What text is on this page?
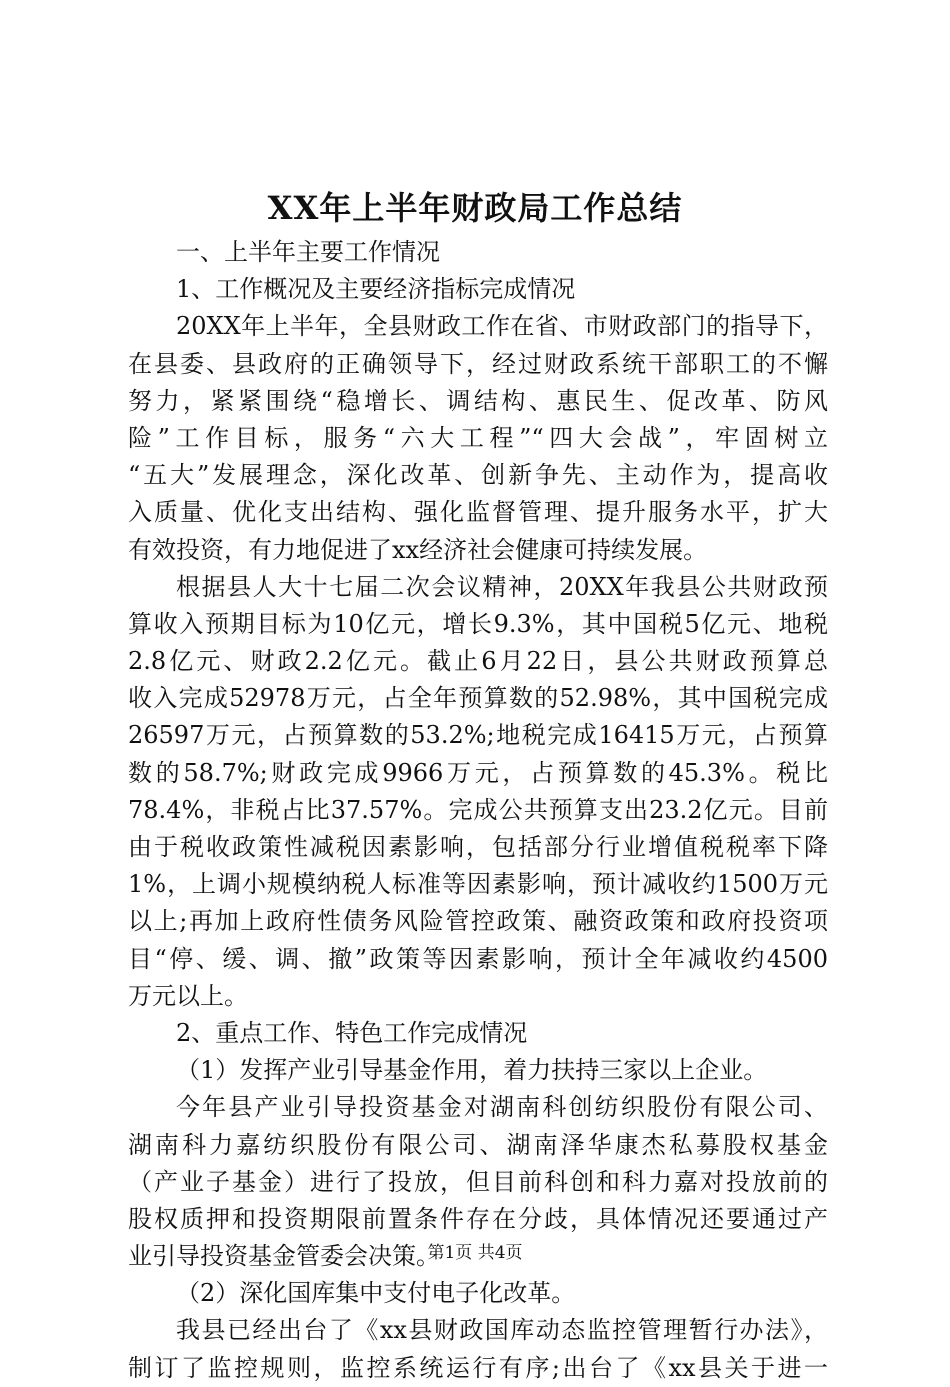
XX年上半年财政局工作总结
一、上半年主要工作情况
1、工作概况及主要经济指标完成情况
20XX年上半年，全县财政工作在省、市财政部门的指导下，
在县委、县政府的正确领导下，经过财政系统干部职工的不懈
努力，紧紧围绕“稳增长、调结构、惠民生、促改革、防风
险”工作目标，服务“六大工程”“四大会战”，牢固树立
“五大”发展理念，深化改革、创新争先、主动作为，提高收
入质量、优化支出结构、强化监督管理、提升服务水平，扩大
有效投资，有力地促进了xx经济社会健康可持续发展。
根据县人大十七届二次会议精神，20XX年我县公共财政预
算收入预期目标为10亿元，增长9.3%，其中国税5亿元、地税
2.8亿元、财政2.2亿元。截止6月22日，县公共财政预算总
收入完成52978万元，占全年预算数的52.98%，其中国税完成
26597万元，占预算数的53.2%;地税完成16415万元，占预算
数的58.7%;财政完成9966万元，占预算数的45.3%。税比
78.4%，非税占比37.57%。完成公共预算支出23.2亿元。目前
由于税收政策性减税因素影响，包括部分行业增值税税率下降
1%，上调小规模纳税人标准等因素影响，预计减收约1500万元
以上;再加上政府性债务风险管控政策、融资政策和政府投资项
目“停、缓、调、撤”政策等因素影响，预计全年减收约4500
万元以上。
2、重点工作、特色工作完成情况
（1）发挥产业引导基金作用，着力扶持三家以上企业。
今年县产业引导投资基金对湖南科创纺织股份有限公司、
湖南科力嘉纺织股份有限公司、湖南泽华康杰私募股权基金
（产业子基金）进行了投放，但目前科创和科力嘉对投放前的
股权质押和投资期限前置条件存在分歧，具体情况还要通过产
业引导投资基金管委会决策。
（2）深化国库集中支付电子化改革。
我县已经出台了《xx县财政国库动态监控管理暂行办法》，
制订了监控规则，监控系统运行有序;出台了《xx县关于进一
第1页 共4页
